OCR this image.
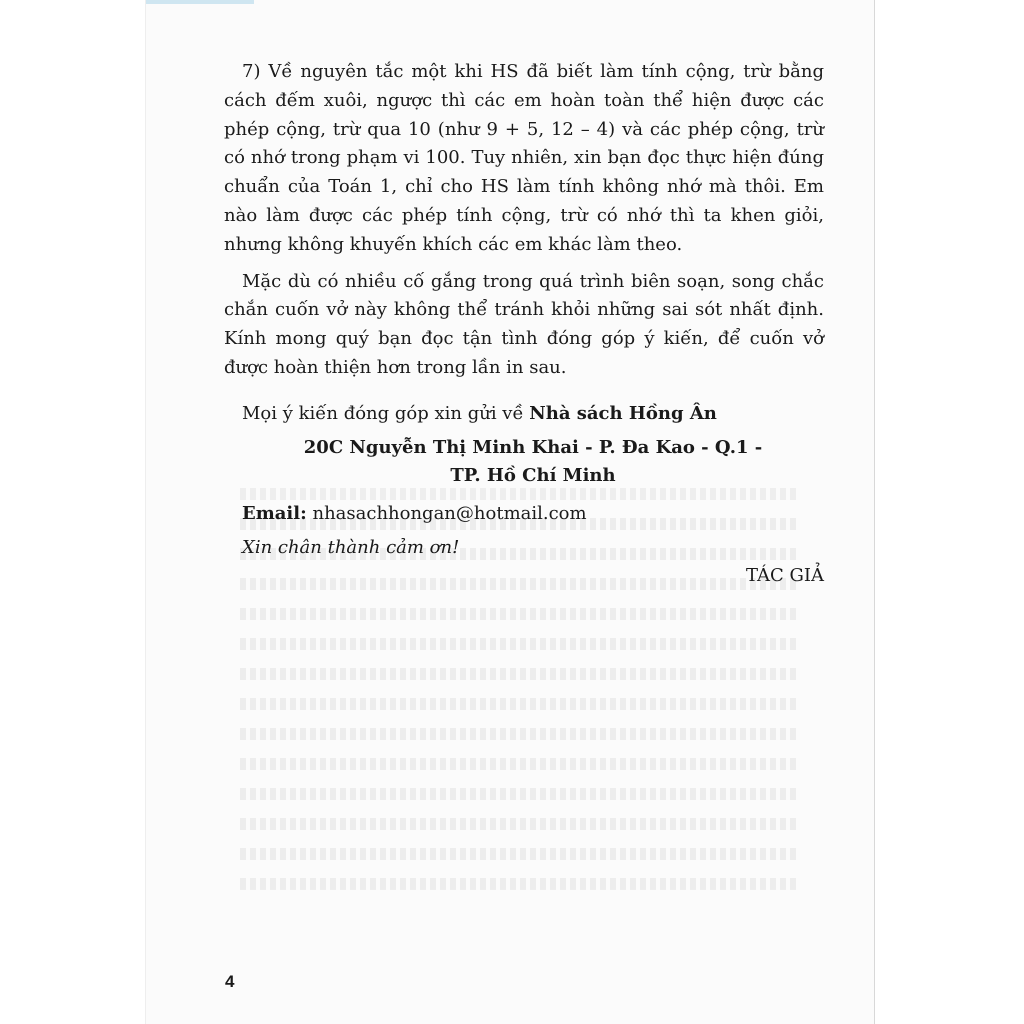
7) Về nguyên tắc một khi HS đã biết làm tính cộng, trừ bằng cách đếm xuôi, ngược thì các em hoàn toàn thể hiện được các phép cộng, trừ qua 10 (như 9 + 5, 12 – 4) và các phép cộng, trừ có nhớ trong phạm vi 100. Tuy nhiên, xin bạn đọc thực hiện đúng chuẩn của Toán 1, chỉ cho HS làm tính không nhớ mà thôi. Em nào làm được các phép tính cộng, trừ có nhớ thì ta khen giỏi, nhưng không khuyến khích các em khác làm theo.

Mặc dù có nhiều cố gắng trong quá trình biên soạn, song chắc chắn cuốn vở này không thể tránh khỏi những sai sót nhất định. Kính mong quý bạn đọc tận tình đóng góp ý kiến, để cuốn vở được hoàn thiện hơn trong lần in sau.

Mọi ý kiến đóng góp xin gửi về Nhà sách Hồng Ân

20C Nguyễn Thị Minh Khai - P. Đa Kao - Q.1 -
TP. Hồ Chí Minh

Email: nhasachhongan@hotmail.com

Xin chân thành cảm ơn!

TÁC GIẢ

4
